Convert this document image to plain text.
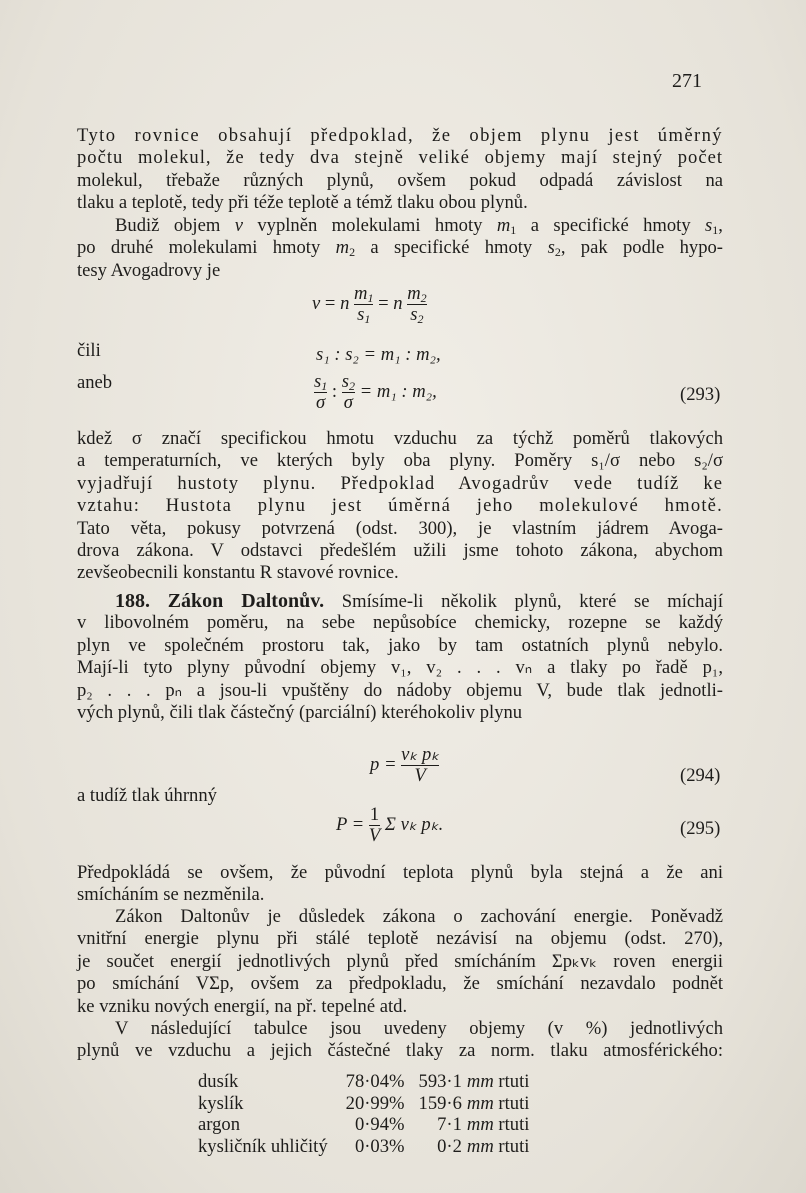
271
Tyto rovnice obsahují předpoklad, že objem plynu jest úměrný
počtu molekul, že tedy dva stejně veliké objemy mají stejný počet
molekul, třebaže různých plynů, ovšem pokud odpadá závislost na
tlaku a teplotě, tedy při téže teplotě a témž tlaku obou plynů.
Budiž objem v vyplněn molekulami hmoty $m_1$ a specifické hmoty $s_1$,
po druhé molekulami hmoty $m_2$ a specifické hmoty $s_2$, pak podle hypo-
tesy Avogadrovy je
v = n $\frac{m_1}{s_1} = n \frac{m_2}{s_2}$
čili	s₁ : s₂ = m₁ : m₂,
aneb	$\frac{s_1}{\sigma}$ : $\frac{s_2}{\sigma} = m_1$ : m₂,	(293)
kdež σ značí specifickou hmotu vzduchu za týchž poměrů tlakových
a temperaturních, ve kterých byly oba plyny. Poměry s₁/σ nebo s₂/σ
vyjadřují hustoty plynu. Předpoklad Avogadrův vede tudíž ke
vztahu: Hustota plynu jest úměrná jeho molekulové hmotě.
Tato věta, pokusy potvrzená (odst. 300), je vlastním jádrem Avoga-
drova zákona. V odstavci předešlém užili jsme tohoto zákona, abychom
zevšeobecnili konstantu R stavové rovnice.
188. Zákon Daltonův. Smísíme-li několik plynů, které se míchají
v libovolném poměru, na sebe nepůsobíce chemicky, rozepne se každý
plyn ve společném prostoru tak, jako by tam ostatních plynů nebylo.
Mají-li tyto plyny původní objemy v₁, v₂ . . . vₙ a tlaky po řadě p₁,
p₂ . . . pₙ a jsou-li vpuštěny do nádoby objemu V, bude tlak jednotli-
vých plynů, čili tlak částečný (parciální) kteréhokoliv plynu
$p = \frac{\text{vₖ pₖ}}{V}$	(294)
a tudíž tlak úhrnný
$P = \frac{1}{V}$ Σ vₖ pₖ.	(295)
Předpokládá se ovšem, že původní teplota plynů byla stejná a že ani
smícháním se nezměnila.
Zákon Daltonův je důsledek zákona o zachování energie. Poněvadž
vnitřní energie plynu při stálé teplotě nezávisí na objemu (odst. 270),
je součet energií jednotlivých plynů před smícháním Σpₖvₖ roven energii
po smíchání VΣp, ovšem za předpokladu, že smíchání nezavdalo podnět
ke vzniku nových energií, na př. tepelné atd.
V následující tabulce jsou uvedeny objemy (v %) jednotlivých
plynů ve vzduchu a jejich částečné tlaky za norm. tlaku atmosférického:
dusík	78·04%	593·1	mm rtuti
kyslík	20·99%	159·6	mm rtuti
argon	0·94%	7·1	mm rtuti
kysličník uhličitý	0·03%	0·2	mm rtuti
